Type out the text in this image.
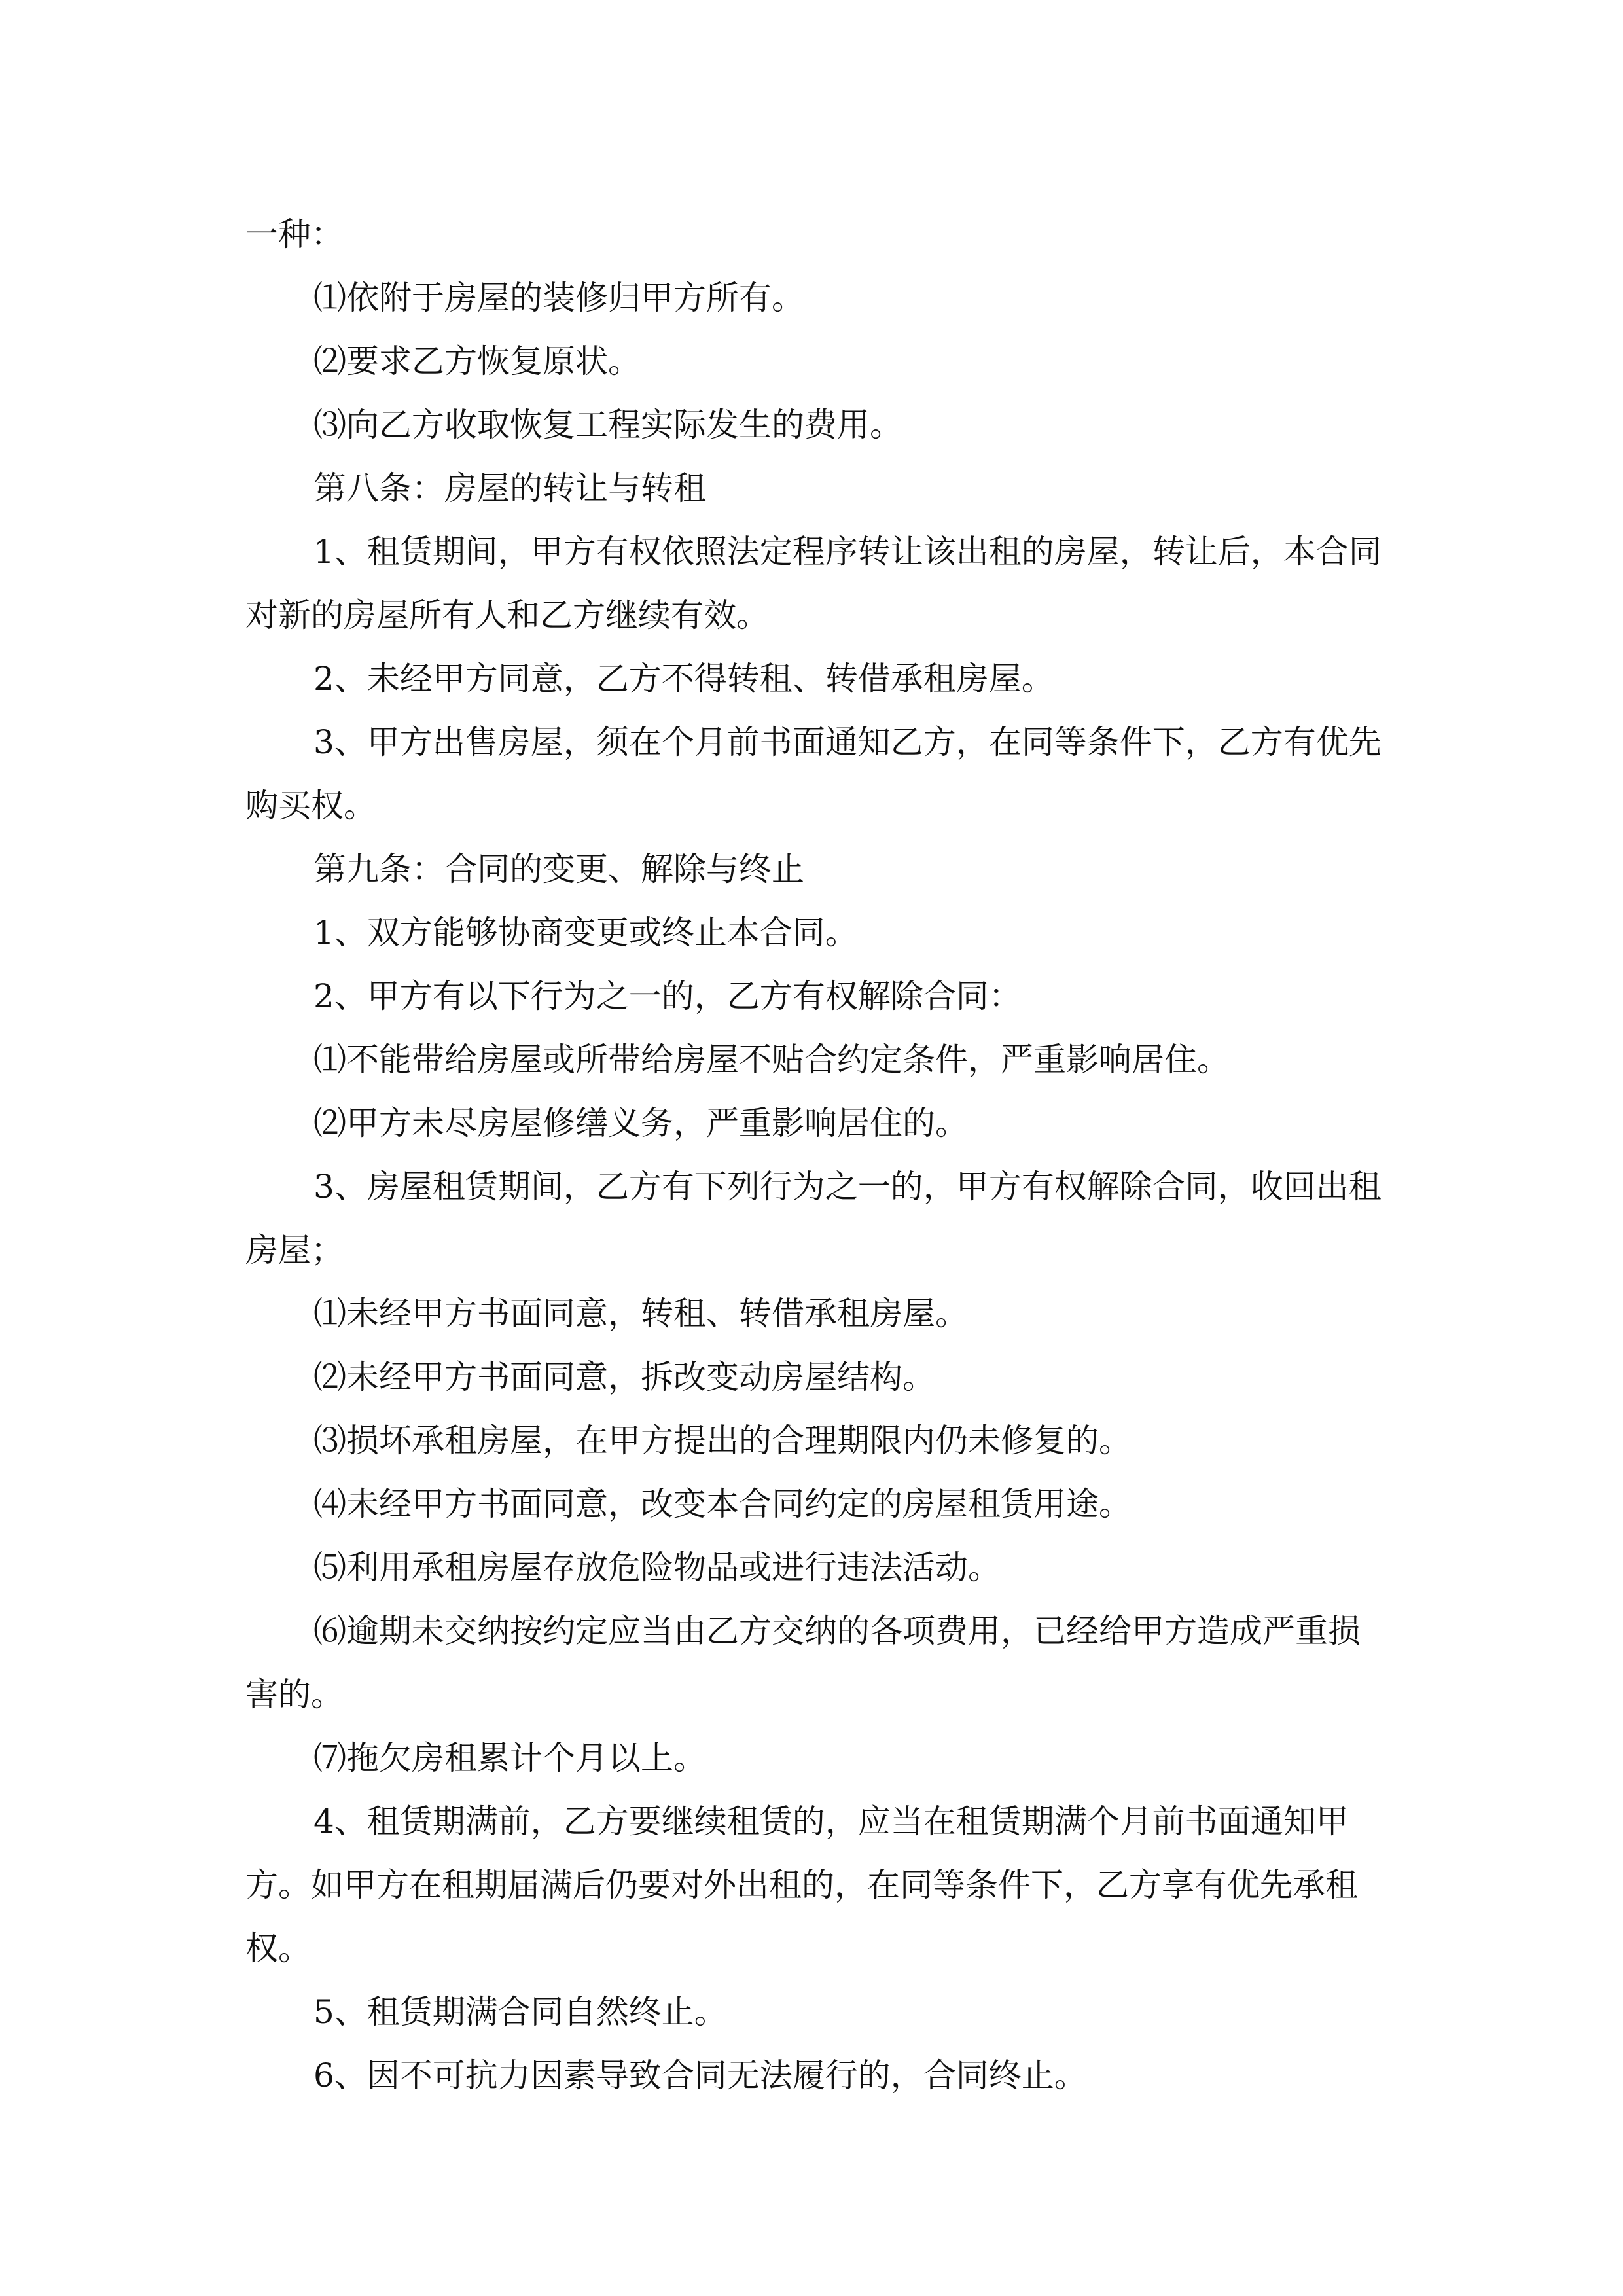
一种：

⑴依附于房屋的装修归甲方所有。

⑵要求乙方恢复原状。

⑶向乙方收取恢复工程实际发生的费用。

第八条：房屋的转让与转租

1、租赁期间，甲方有权依照法定程序转让该出租的房屋，转让后，本合同对新的房屋所有人和乙方继续有效。

2、未经甲方同意，乙方不得转租、转借承租房屋。

3、甲方出售房屋，须在个月前书面通知乙方，在同等条件下，乙方有优先购买权。

第九条：合同的变更、解除与终止

1、双方能够协商变更或终止本合同。

2、甲方有以下行为之一的，乙方有权解除合同：

⑴不能带给房屋或所带给房屋不贴合约定条件，严重影响居住。

⑵甲方未尽房屋修缮义务，严重影响居住的。

3、房屋租赁期间，乙方有下列行为之一的，甲方有权解除合同，收回出租房屋；

⑴未经甲方书面同意，转租、转借承租房屋。

⑵未经甲方书面同意，拆改变动房屋结构。

⑶损坏承租房屋，在甲方提出的合理期限内仍未修复的。

⑷未经甲方书面同意，改变本合同约定的房屋租赁用途。

⑸利用承租房屋存放危险物品或进行违法活动。

⑹逾期未交纳按约定应当由乙方交纳的各项费用，已经给甲方造成严重损害的。

⑺拖欠房租累计个月以上。

4、租赁期满前，乙方要继续租赁的，应当在租赁期满个月前书面通知甲方。如甲方在租期届满后仍要对外出租的，在同等条件下，乙方享有优先承租权。

5、租赁期满合同自然终止。

6、因不可抗力因素导致合同无法履行的，合同终止。
